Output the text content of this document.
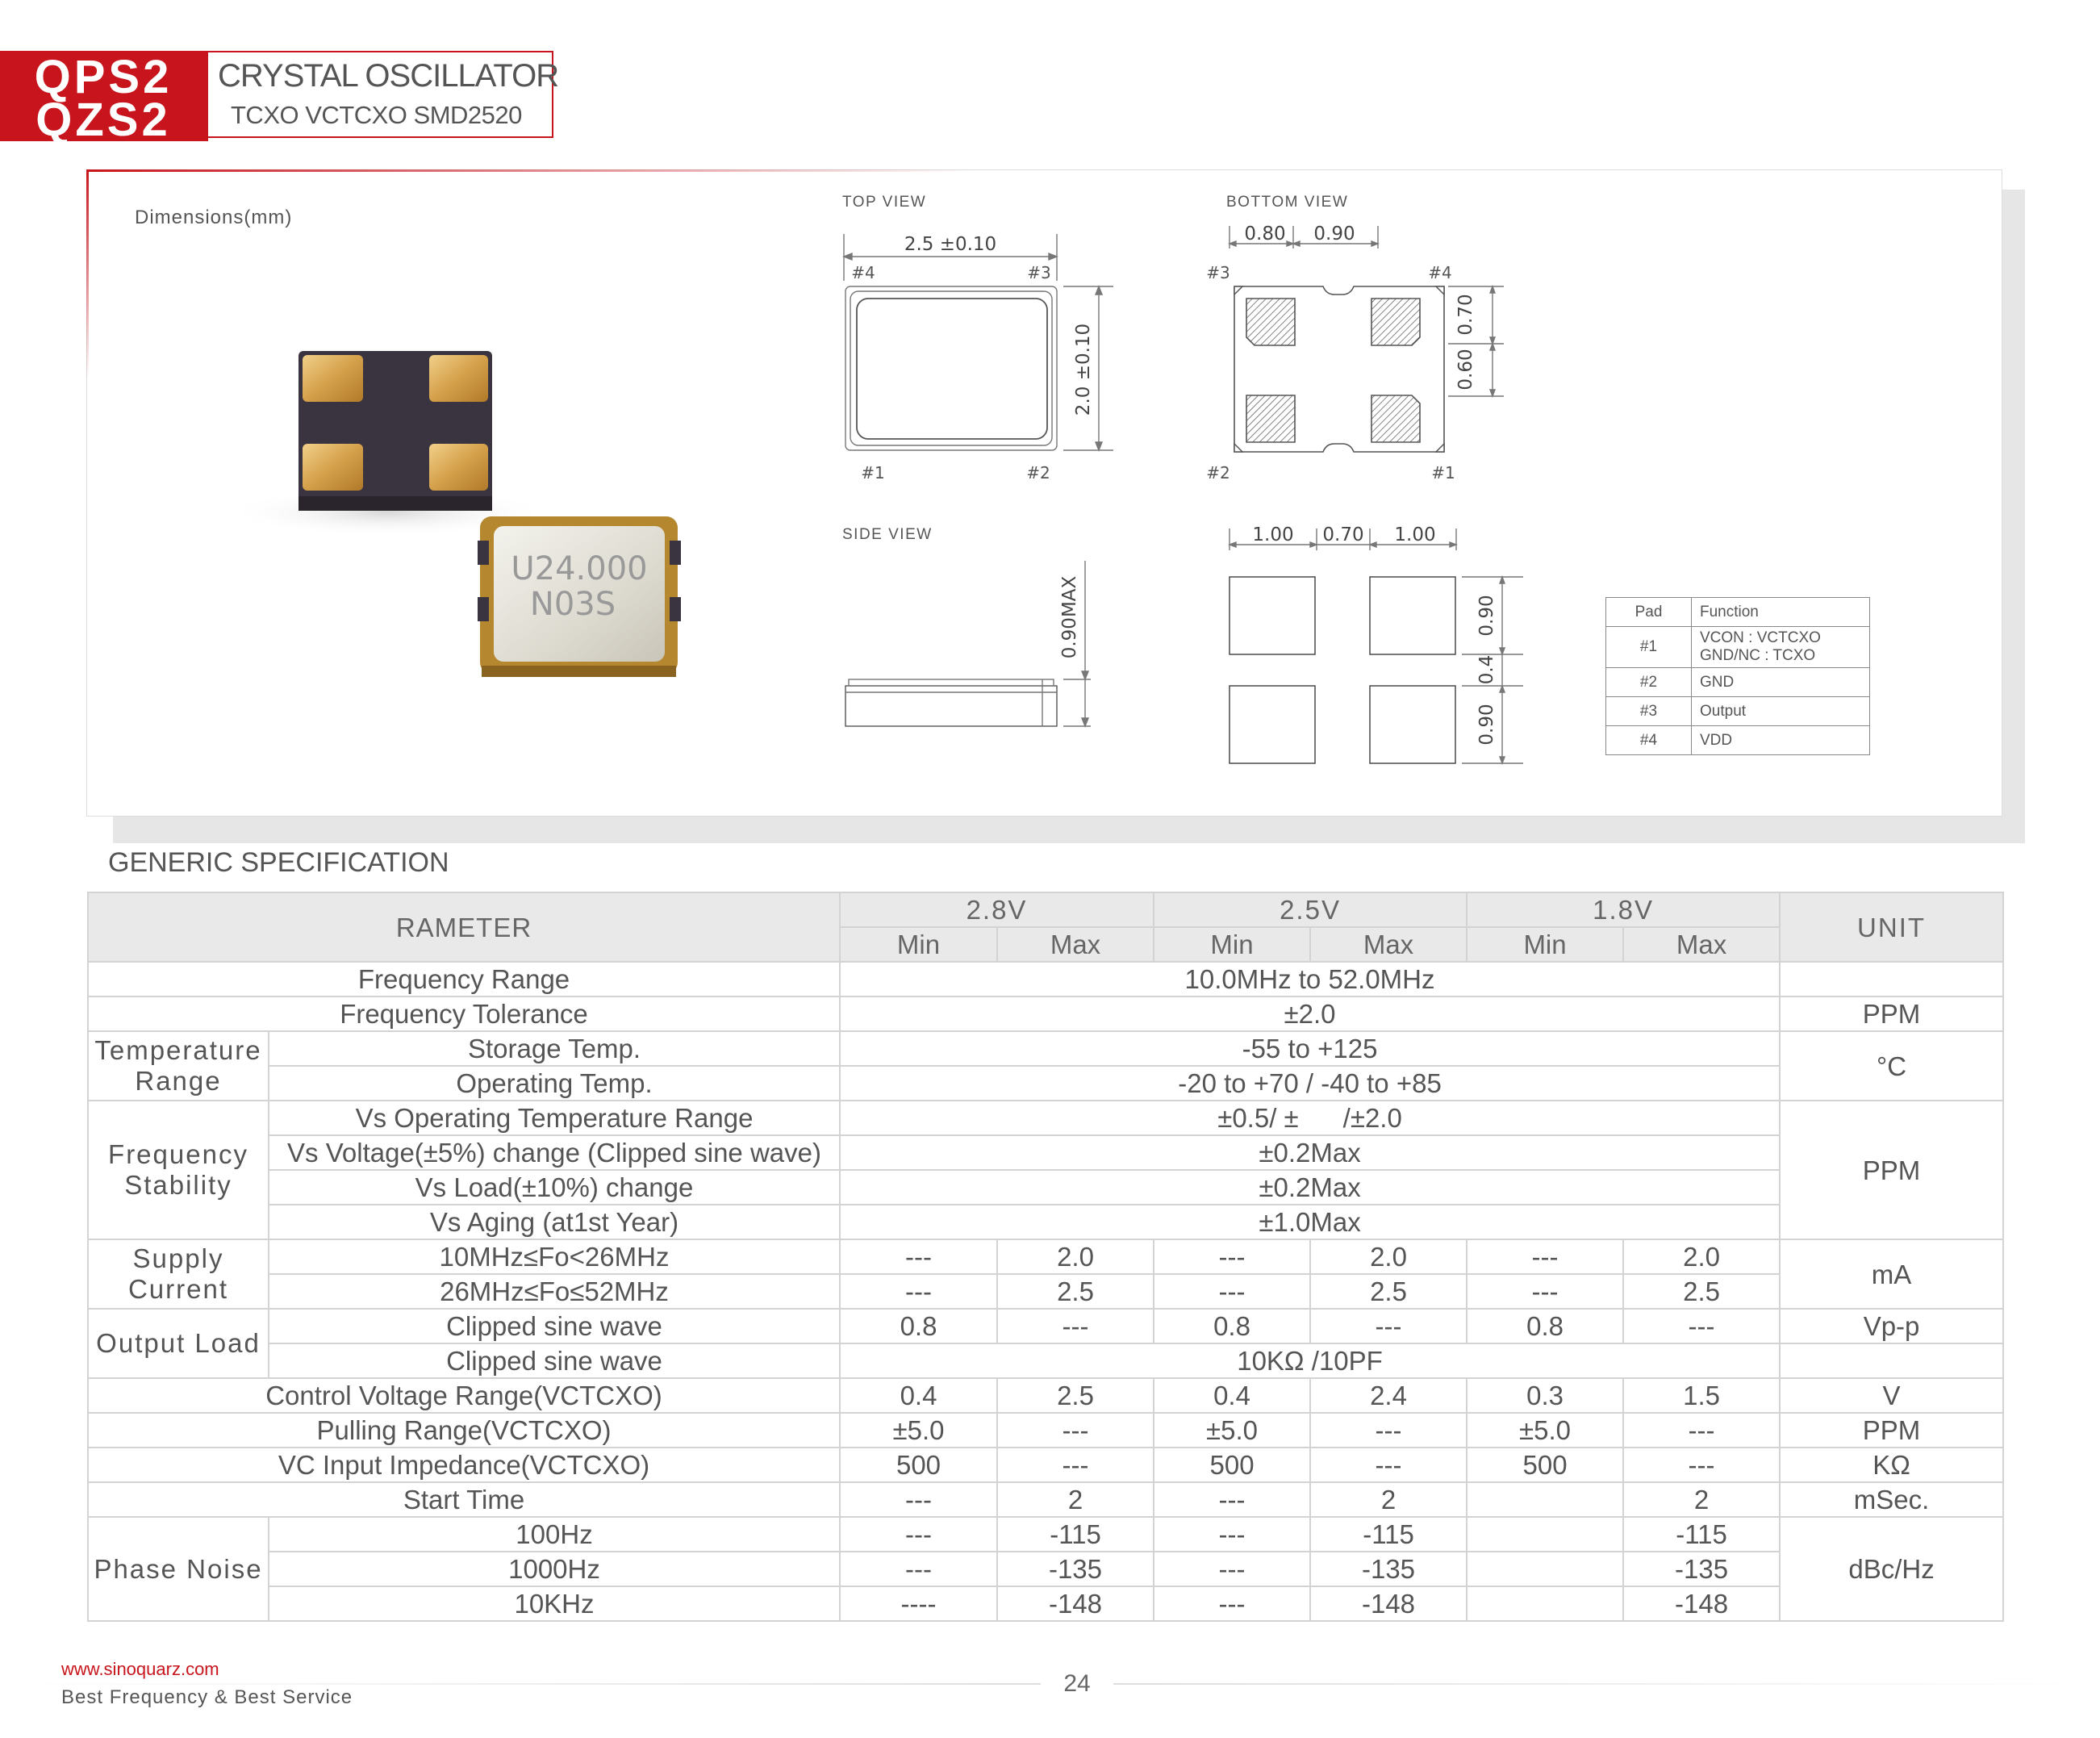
QPS2
QZS2
CRYSTAL OSCILLATOR
TCXO VCTCXO SMD2520
Dimensions(mm)
U24.000
N03S
TOP VIEW	BOTTOM VIEW
SIDE VIEW
2.5 ±0.10
2.0 ±0.10
#4	#3
#1	#2
0.80 0.90
0.70
0.60
#3	#4
#2	#1
0.90MAX
1.00 0.70 1.00
0.90
0.4
0.90
Pad	Function
#1	VCON : VCTCXO
GND/NC : TCXO

#2	GND
#3	Output
#4	VDD
GENERIC SPECIFICATION
RAMETER		2.8V		2.5V		1.8V		UNIT
		Min	Max	Min	Max	Min	Max	
Frequency Range		10.0MHz to 52.0MHz						
Frequency Tolerance		±2.0						PPM
Temperature Range	Storage Temp.	-55 to +125						°C
	Operating Temp.	-20 to +70 / -40 to +85						
Frequency Stability	Vs Operating Temperature Range	±0.5/ ±      /±2.0						PPM
	Vs Voltage(±5%) change (Clipped sine wave)	±0.2Max						
	Vs Load(±10%) change	±0.2Max						
	Vs Aging (at1st Year)	±1.0Max						
Supply Current	10MHz≤Fo<26MHz	---	2.0	---	2.0	---	2.0	mA
	26MHz≤Fo≤52MHz	---	2.5	---	2.5	---	2.5	
Output Load	Clipped sine wave	0.8	---	0.8	---	0.8	---	Vp-p
	Clipped sine wave	10KΩ /10PF						
Control Voltage Range(VCTCXO)		0.4	2.5	0.4	2.4	0.3	1.5	V
Pulling Range(VCTCXO)		±5.0	---	±5.0	---	±5.0	---	PPM
VC Input Impedance(VCTCXO)		500	---	500	---	500	---	KΩ
Start Time		---	2	---	2		2	mSec.
Phase Noise	100Hz	---	-115	---	-115		-115	dBc/Hz
	1000Hz	---	-135	---	-135		-135	
	10KHz	----	-148	---	-148		-148	
www.sinoquarz.com
Best Frequency & Best Service
24
